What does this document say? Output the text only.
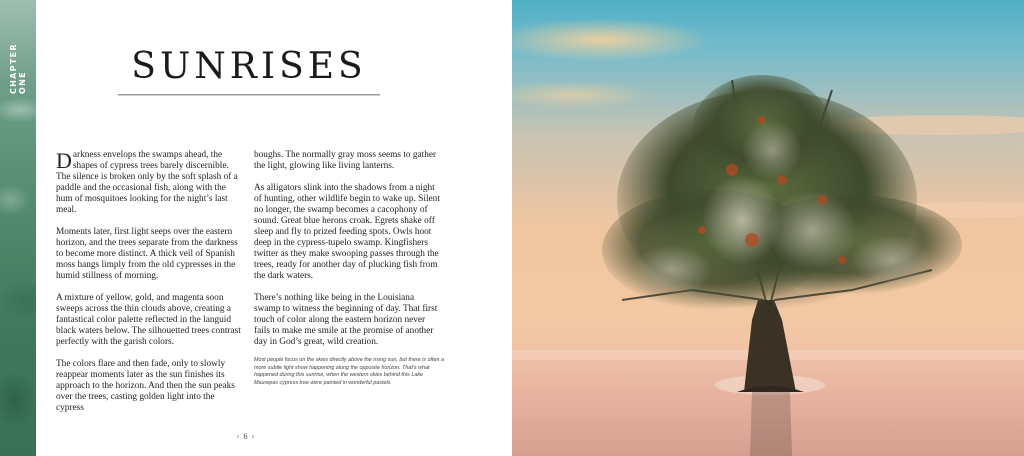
CHAPTER ONE	SUNRISES

Darkness envelops the swamps ahead, the shapes of cypress trees barely discernible. The silence is broken only by the soft splash of a paddle and the occasional fish, along with the hum of mosquitoes looking for the night’s last meal.

Moments later, first light seeps over the eastern horizon, and the trees separate from the darkness to become more distinct. A thick veil of Spanish moss hangs limply from the old cypresses in the humid stillness of morning.

A mixture of yellow, gold, and magenta soon sweeps across the thin clouds above, creating a fantastical color palette reflected in the languid black waters below. The silhouetted trees contrast perfectly with the garish colors.

The colors flare and then fade, only to slowly reappear moments later as the sun finishes its approach to the horizon. And then the sun peaks over the trees, casting golden light into the cypress

boughs. The normally gray moss seems to gather the light, glowing like living lanterns.

As alligators slink into the shadows from a night of hunting, other wildlife begin to wake up. Silent no longer, the swamp becomes a cacophony of sound. Great blue herons croak. Egrets shake off sleep and fly to prized feeding spots. Owls hoot deep in the cypress-tupelo swamp. Kingfishers twitter as they make swooping passes through the trees, ready for another day of plucking fish from the dark waters.

There’s nothing like being in the Louisiana swamp to witness the beginning of day. That first touch of color along the eastern horizon never fails to make me smile at the promise of another day in God’s great, wild creation.

Most people focus on the skies directly above the rising sun, but there is often a more subtle light show happening along the opposite horizon. That’s what happened during this sunrise, when the western skies behind this Lake Maurepas cypress tree were painted in wonderful pastels.

◦ 6 ◦
